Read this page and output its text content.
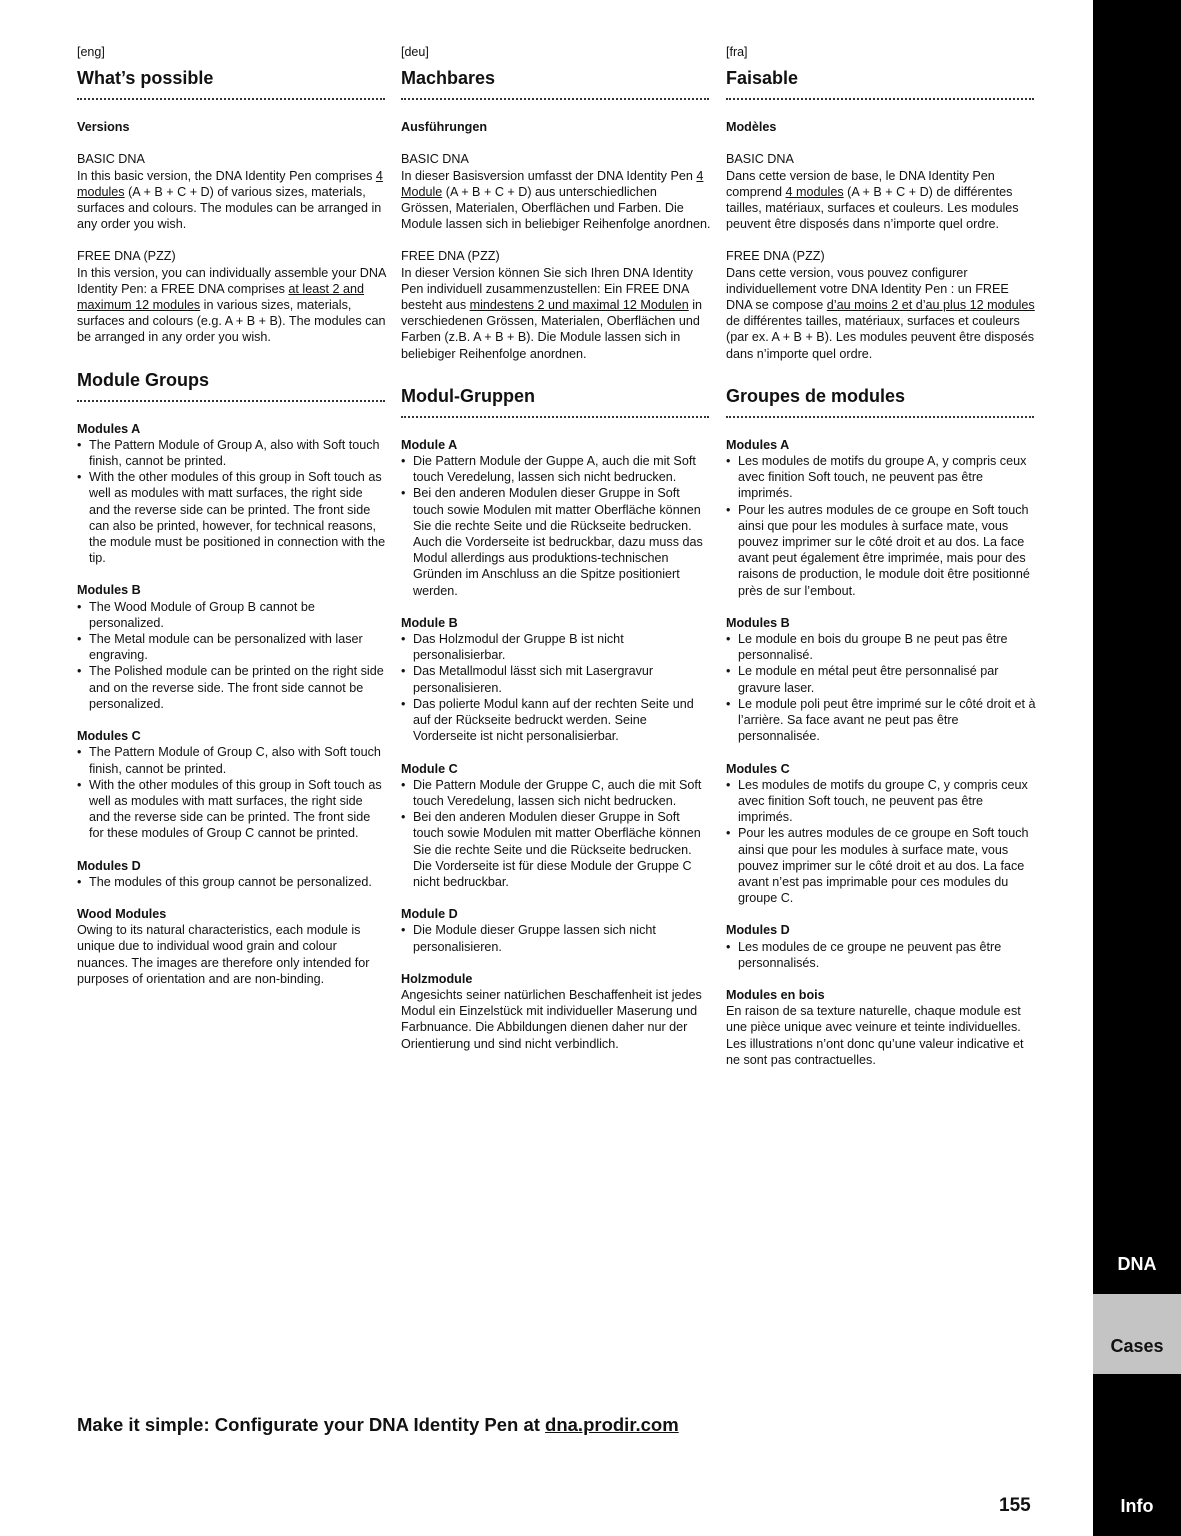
[eng]
What’s possible
Versions

BASIC DNA

In this basic version, the DNA Identity Pen comprises 4 modules (A + B + C + D) of various sizes, materials, surfaces and colours. The modules can be arranged in any order you wish.

FREE DNA (PZZ)

In this version, you can individually assemble your DNA Identity Pen: a FREE DNA comprises at least 2 and maximum 12 modules in various sizes, materials, surfaces and colours (e.g. A + B + B). The modules can be arranged in any order you wish.

Module Groups

Modules A

• The Pattern Module of Group A, also with Soft touch finish, cannot be printed.
• With the other modules of this group in Soft touch as well as modules with matt surfaces, the right side and the reverse side can be printed. The front side can also be printed, however, for technical reasons, the module must be positioned in connection with the tip.

Modules B

• The Wood Module of Group B cannot be personalized.
• The Metal module can be personalized with laser engraving.
• The Polished module can be printed on the right side and on the reverse side. The front side cannot be personalized.

Modules C

• The Pattern Module of Group C, also with Soft touch finish, cannot be printed.
• With the other modules of this group in Soft touch as well as modules with matt surfaces, the right side and the reverse side can be printed. The front side for these modules of Group C cannot be printed.

Modules D

• The modules of this group cannot be personalized.

Wood Modules

Owing to its natural characteristics, each module is unique due to individual wood grain and colour nuances. The images are therefore only intended for purposes of orientation and are non-binding.

[deu]
Machbares
Ausführungen

BASIC DNA

In dieser Basisversion umfasst der DNA Identity Pen 4 Module (A + B + C + D) aus unterschiedlichen Grössen, Materialen, Oberflächen und Farben. Die Module lassen sich in beliebiger Reihenfolge anordnen.

FREE DNA (PZZ)

In dieser Version können Sie sich Ihren DNA Identity Pen individuell zusammenzustellen: Ein FREE DNA besteht aus mindestens 2 und maximal 12 Modulen in verschiedenen Grössen, Materialen, Oberflächen und Farben (z.B. A + B + B). Die Module lassen sich in beliebiger Reihenfolge anordnen.

Modul-Gruppen

Module A

• Die Pattern Module der Guppe A, auch die mit Soft touch Veredelung, lassen sich nicht bedrucken.
• Bei den anderen Modulen dieser Gruppe in Soft touch sowie Modulen mit matter Oberfläche können Sie die rechte Seite und die Rückseite bedrucken. Auch die Vorderseite ist bedruckbar, dazu muss das Modul allerdings aus produktions-technischen Gründen im Anschluss an die Spitze positioniert werden.

Module B

• Das Holzmodul der Gruppe B ist nicht personalisierbar.
• Das Metallmodul lässt sich mit Lasergravur personalisieren.
• Das polierte Modul kann auf der rechten Seite und auf der Rückseite bedruckt werden. Seine Vorderseite ist nicht personalisierbar.

Module C

• Die Pattern Module der Gruppe C, auch die mit Soft touch Veredelung, lassen sich nicht bedrucken.
• Bei den anderen Modulen dieser Gruppe in Soft touch sowie Modulen mit matter Oberfläche können Sie die rechte Seite und die Rückseite bedrucken. Die Vorderseite ist für diese Module der Gruppe C nicht bedruckbar.

Module D

• Die Module dieser Gruppe lassen sich nicht personalisieren.

Holzmodule

Angesichts seiner natürlichen Beschaffenheit ist jedes Modul ein Einzelstück mit individueller Maserung und Farbnuance. Die Abbildungen dienen daher nur der Orientierung und sind nicht verbindlich.

[fra]
Faisable
Modèles

BASIC DNA

Dans cette version de base, le DNA Identity Pen comprend 4 modules (A + B + C + D) de différentes tailles, matériaux, surfaces et couleurs. Les modules peuvent être disposés dans n’importe quel ordre.

FREE DNA (PZZ)

Dans cette version, vous pouvez configurer individuellement votre DNA Identity Pen : un FREE DNA se compose d’au moins 2 et d’au plus 12 modules de différentes tailles, matériaux, surfaces et couleurs (par ex. A + B + B). Les modules peuvent être disposés dans n’importe quel ordre.

Groupes de modules

Modules A

• Les modules de motifs du groupe A, y compris ceux avec finition Soft touch, ne peuvent pas être imprimés.
• Pour les autres modules de ce groupe en Soft touch ainsi que pour les modules à surface mate, vous pouvez imprimer sur le côté droit et au dos. La face avant peut également être imprimée, mais pour des raisons de production, le module doit être positionné près de sur l’embout.

Modules B

• Le module en bois du groupe B ne peut pas être personnalisé.
• Le module en métal peut être personnalisé par gravure laser.
• Le module poli peut être imprimé sur le côté droit et à l’arrière. Sa face avant ne peut pas être personnalisée.

Modules C

• Les modules de motifs du groupe C, y compris ceux avec finition Soft touch, ne peuvent pas être imprimés.
• Pour les autres modules de ce groupe en Soft touch ainsi que pour les modules à surface mate, vous pouvez imprimer sur le côté droit et au dos. La face avant n’est pas imprimable pour ces modules du groupe C.

Modules D

• Les modules de ce groupe ne peuvent pas être personnalisés.

Modules en bois

En raison de sa texture naturelle, chaque module est une pièce unique avec veinure et teinte individuelles. Les illustrations n’ont donc qu’une valeur indicative et ne sont pas contractuelles.

Make it simple: Configurate your DNA Identity Pen at dna.prodir.com
155
DNA
Cases
Info
